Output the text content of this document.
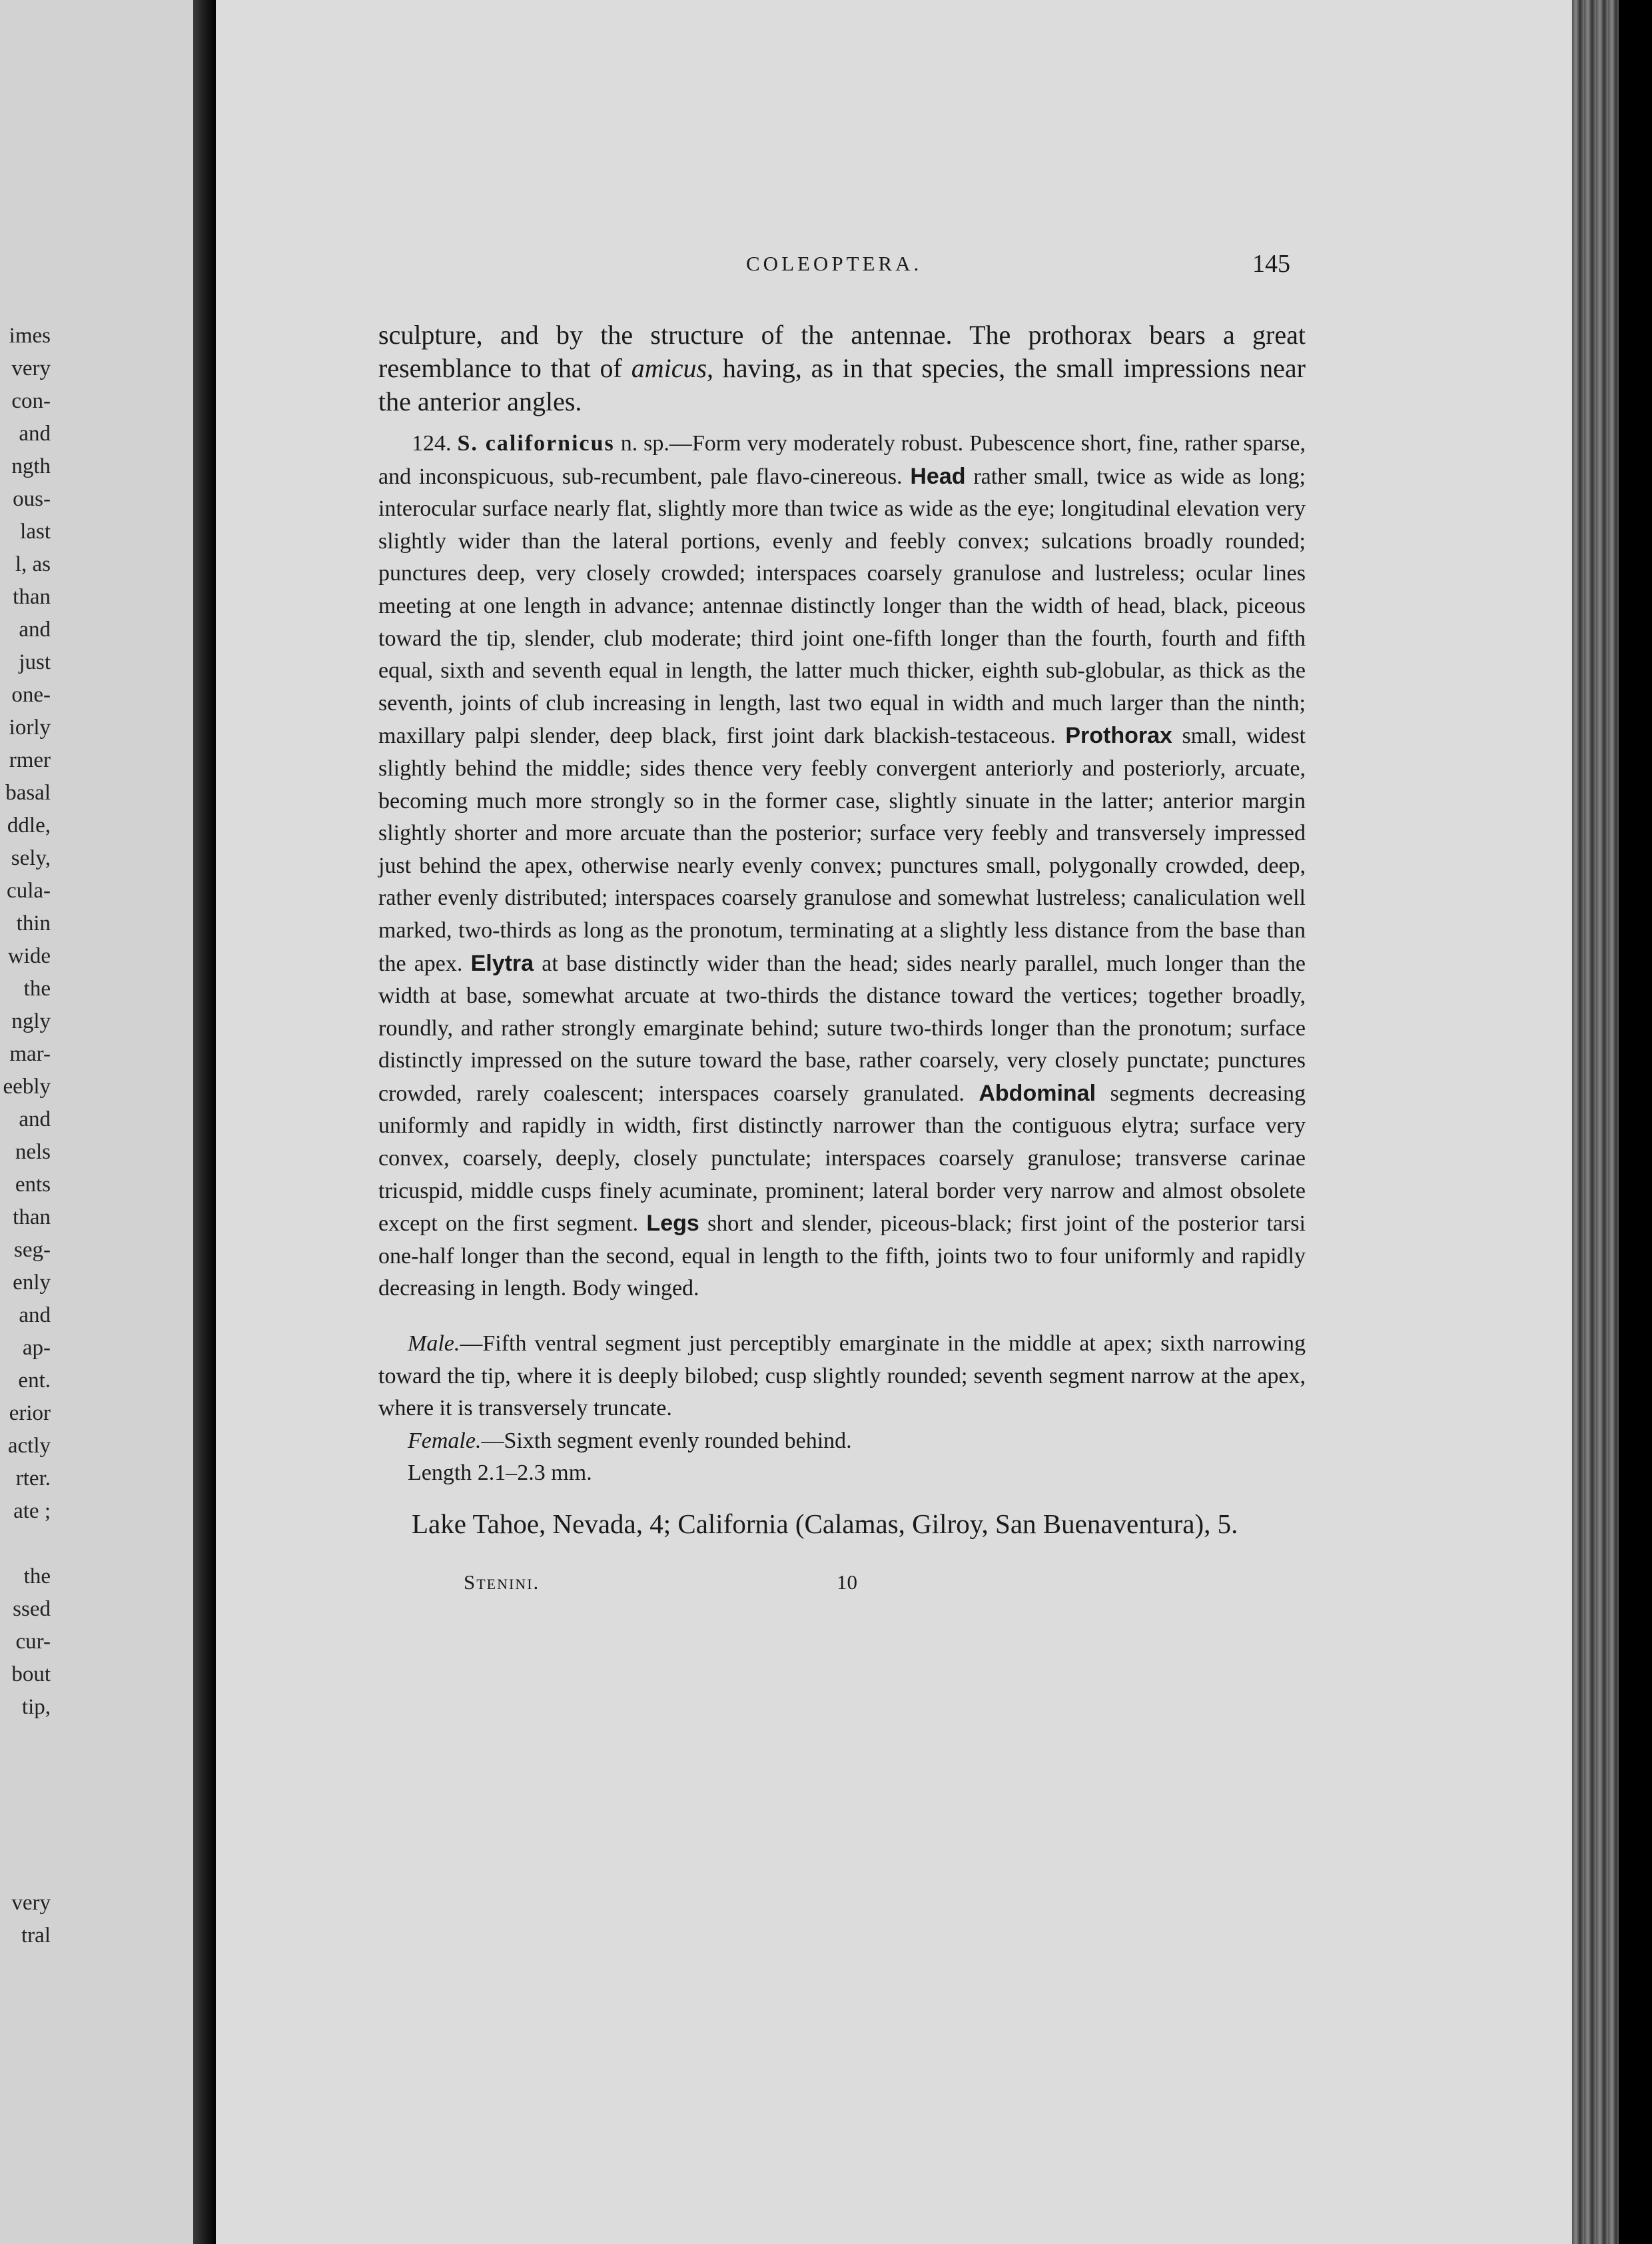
imes
very
con-
and
ngth
ous-
last
l, as
than
and
just
one-
iorly
rmer
basal
ddle,
sely,
cula-
thin
wide
the
ngly
mar-
eebly
and
nels
ents
than
seg-
enly
and
ap-
ent.
erior
actly
rter.
ate ;
the
ssed
cur-
bout
tip,
very
tral
COLEOPTERA.	145

sculpture, and by the structure of the antennae. The prothorax bears a great resemblance to that of amicus, having, as in that species, the small impressions near the anterior angles.

124. S. californicus n. sp.—Form very moderately robust. Pubescence short, fine, rather sparse, and inconspicuous, sub-recumbent, pale flavo-cinereous. Head rather small, twice as wide as long; interocular surface nearly flat, slightly more than twice as wide as the eye; longitudinal elevation very slightly wider than the lateral portions, evenly and feebly convex; sulcations broadly rounded; punctures deep, very closely crowded; interspaces coarsely granulose and lustreless; ocular lines meeting at one length in advance; antennae distinctly longer than the width of head, black, piceous toward the tip, slender, club moderate; third joint one-fifth longer than the fourth, fourth and fifth equal, sixth and seventh equal in length, the latter much thicker, eighth sub-globular, as thick as the seventh, joints of club increasing in length, last two equal in width and much larger than the ninth; maxillary palpi slender, deep black, first joint dark blackish-testaceous. Prothorax small, widest slightly behind the middle; sides thence very feebly convergent anteriorly and posteriorly, arcuate, becoming much more strongly so in the former case, slightly sinuate in the latter; anterior margin slightly shorter and more arcuate than the posterior; surface very feebly and transversely impressed just behind the apex, otherwise nearly evenly convex; punctures small, polygonally crowded, deep, rather evenly distributed; interspaces coarsely granulose and somewhat lustreless; canaliculation well marked, two-thirds as long as the pronotum, terminating at a slightly less distance from the base than the apex. Elytra at base distinctly wider than the head; sides nearly parallel, much longer than the width at base, somewhat arcuate at two-thirds the distance toward the vertices; together broadly, roundly, and rather strongly emarginate behind; suture two-thirds longer than the pronotum; surface distinctly impressed on the suture toward the base, rather coarsely, very closely punctate; punctures crowded, rarely coalescent; interspaces coarsely granulated. Abdominal segments decreasing uniformly and rapidly in width, first distinctly narrower than the contiguous elytra; surface very convex, coarsely, deeply, closely punctulate; interspaces coarsely granulose; transverse carinae tricuspid, middle cusps finely acuminate, prominent; lateral border very narrow and almost obsolete except on the first segment. Legs short and slender, piceous-black; first joint of the posterior tarsi one-half longer than the second, equal in length to the fifth, joints two to four uniformly and rapidly decreasing in length. Body winged.

Male.—Fifth ventral segment just perceptibly emarginate in the middle at apex; sixth narrowing toward the tip, where it is deeply bilobed; cusp slightly rounded; seventh segment narrow at the apex, where it is transversely truncate.

Female.—Sixth segment evenly rounded behind.

Length 2.1–2.3 mm.

Lake Tahoe, Nevada, 4; California (Calamas, Gilroy, San Buenaventura), 5.

Stenini.	10
